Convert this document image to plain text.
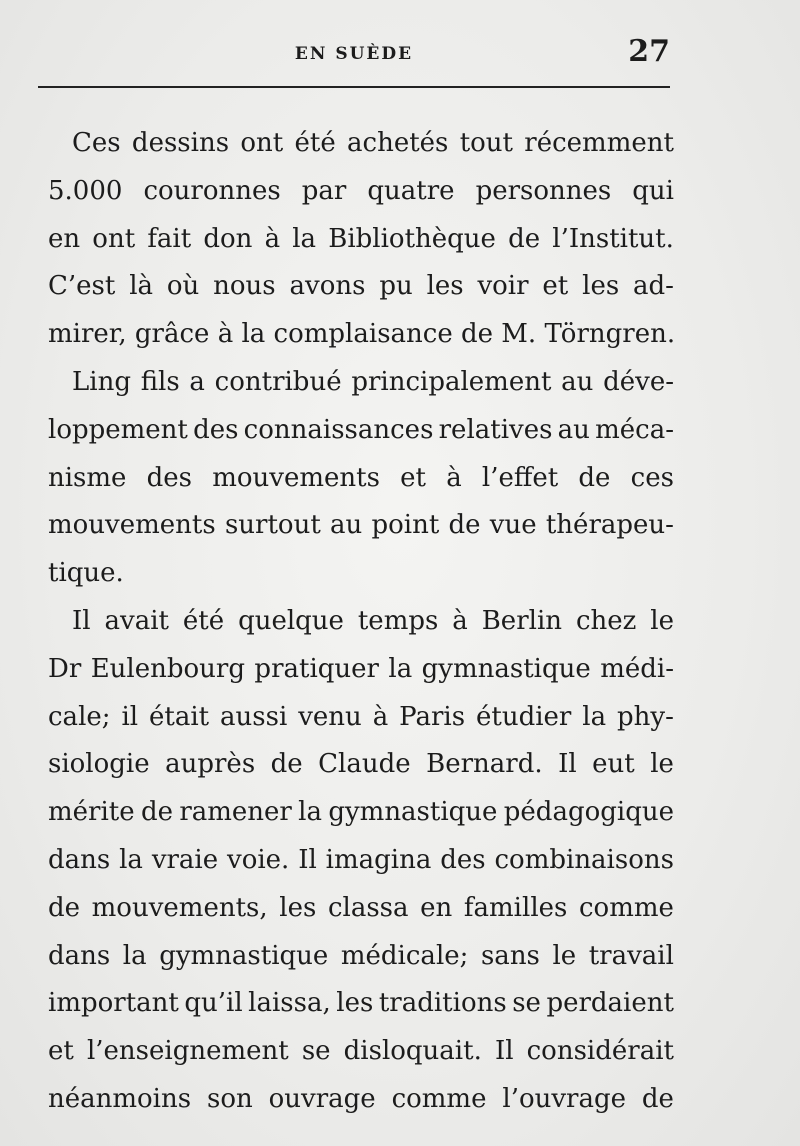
EN SUÈDE	27
Ces dessins ont été achetés tout récemment
5.000 couronnes par quatre personnes qui
en ont fait don à la Bibliothèque de l’Institut.
C’est là où nous avons pu les voir et les ad-
mirer, grâce à la complaisance de M. Törngren.
Ling fils a contribué principalement au déve-
loppement des connaissances relatives au méca-
nisme des mouvements et à l’effet de ces
mouvements surtout au point de vue thérapeu-
tique.
Il avait été quelque temps à Berlin chez le
Dr Eulenbourg pratiquer la gymnastique médi-
cale; il était aussi venu à Paris étudier la phy-
siologie auprès de Claude Bernard. Il eut le
mérite de ramener la gymnastique pédagogique
dans la vraie voie. Il imagina des combinaisons
de mouvements, les classa en familles comme
dans la gymnastique médicale; sans le travail
important qu’il laissa, les traditions se perdaient
et l’enseignement se disloquait. Il considérait
néanmoins son ouvrage comme l’ouvrage de
